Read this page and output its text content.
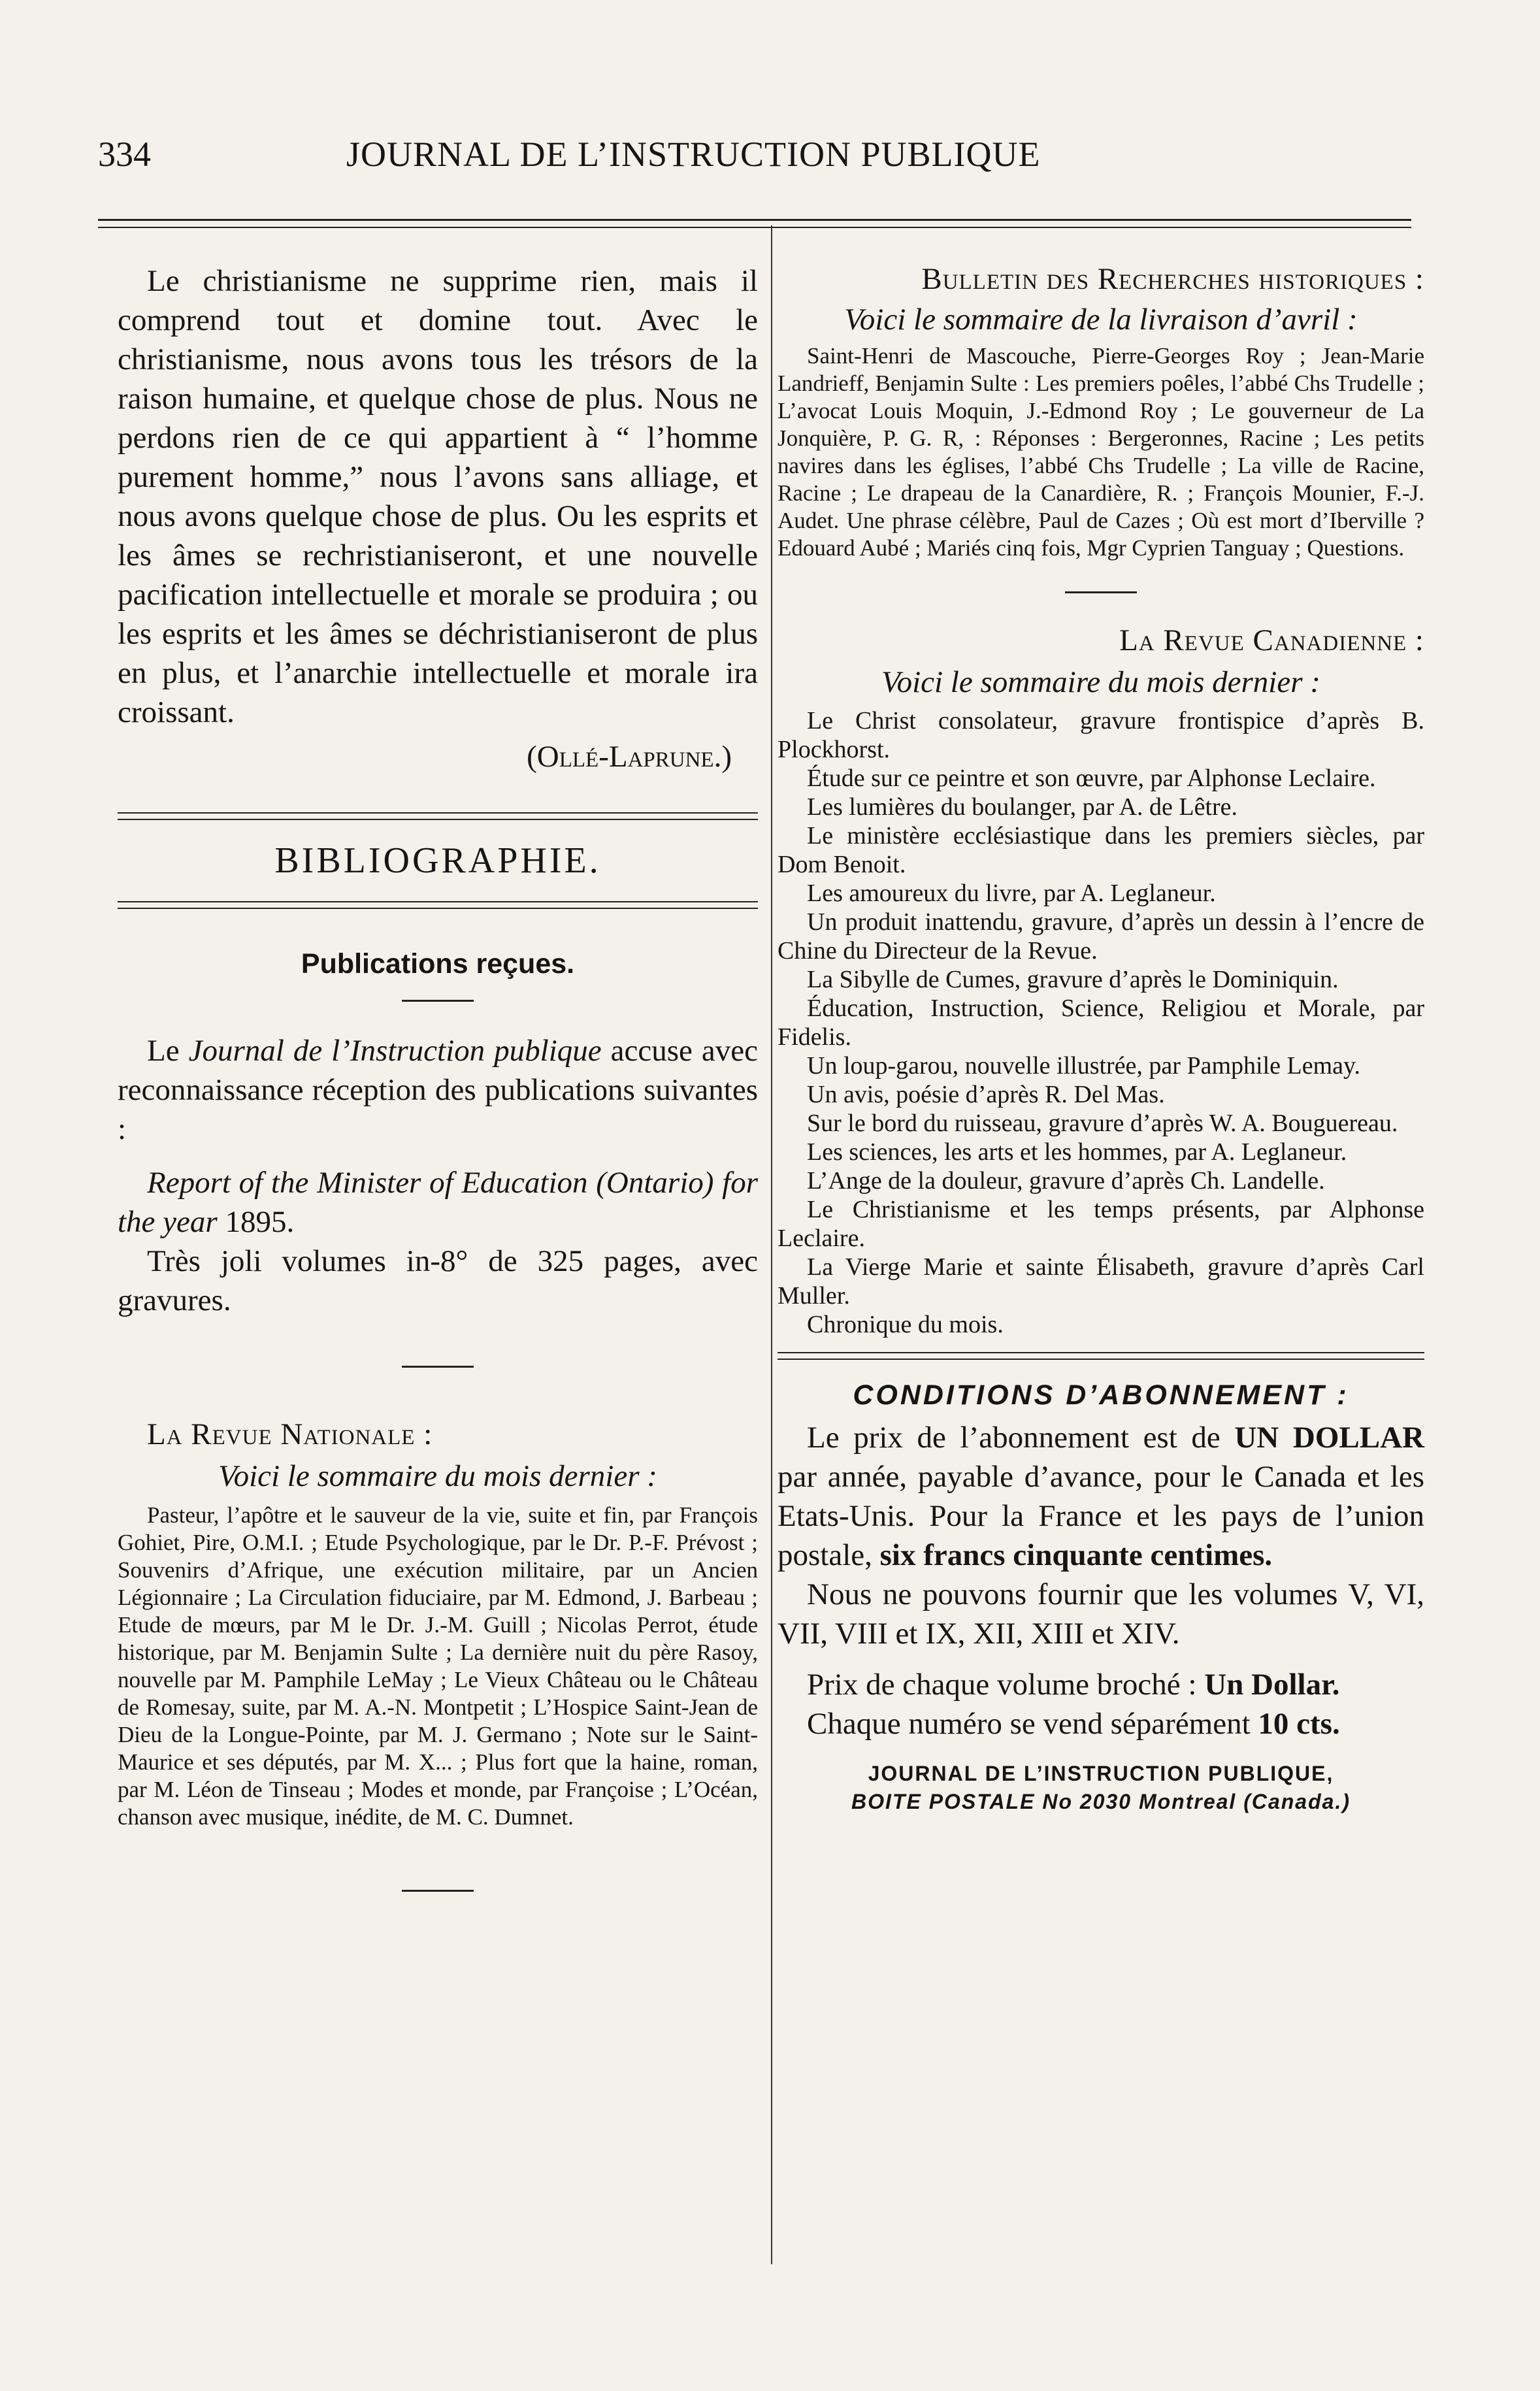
334	JOURNAL DE L’INSTRUCTION PUBLIQUE

Le christianisme ne supprime rien, mais il comprend tout et domine tout. Avec le christianisme, nous avons tous les trésors de la raison humaine, et quelque chose de plus. Nous ne perdons rien de ce qui appartient à “ l’homme purement homme,” nous l’avons sans alliage, et nous avons quelque chose de plus. Ou les esprits et les âmes se rechristianiseront, et une nouvelle pacification intellectuelle et morale se produira ; ou les esprits et les âmes se déchristianiseront de plus en plus, et l’anarchie intellectuelle et morale ira croissant.

(Ollé-Laprune.)

BIBLIOGRAPHIE.
Publications reçues.

Le Journal de l’Instruction publique accuse avec reconnaissance réception des publications suivantes :

Report of the Minister of Education (Ontario) for the year 1895.

Très joli volumes in-8° de 325 pages, avec gravures.

La Revue Nationale :

Voici le sommaire du mois dernier :

Pasteur, l’apôtre et le sauveur de la vie, suite et fin, par François Gohiet, Pire, O.M.I. ; Etude Psychologique, par le Dr. P.-F. Prévost ; Souvenirs d’Afrique, une exécution militaire, par un Ancien Légionnaire ; La Circulation fiduciaire, par M. Edmond, J. Barbeau ; Etude de mœurs, par M le Dr. J.-M. Guill ; Nicolas Perrot, étude historique, par M. Benjamin Sulte ; La dernière nuit du père Rasoy, nouvelle par M. Pamphile LeMay ; Le Vieux Château ou le Château de Romesay, suite, par M. A.-N. Montpetit ; L’Hospice Saint-Jean de Dieu de la Longue-Pointe, par M. J. Germano ; Note sur le Saint-Maurice et ses députés, par M. X... ; Plus fort que la haine, roman, par M. Léon de Tinseau ; Modes et monde, par Françoise ; L’Océan, chanson avec musique, inédite, de M. C. Dumnet.

Bulletin des Recherches historiques :

Voici le sommaire de la livraison d’avril :

Saint-Henri de Mascouche, Pierre-Georges Roy ; Jean-Marie Landrieff, Benjamin Sulte : Les premiers poêles, l’abbé Chs Trudelle ; L’avocat Louis Moquin, J.-Edmond Roy ; Le gouverneur de La Jonquière, P. G. R, : Réponses : Bergeronnes, Racine ; Les petits navires dans les églises, l’abbé Chs Trudelle ; La ville de Racine, Racine ; Le drapeau de la Canardière, R. ; François Mounier, F.-J. Audet. Une phrase célèbre, Paul de Cazes ; Où est mort d’Iberville ? Edouard Aubé ; Mariés cinq fois, Mgr Cyprien Tanguay ; Questions.

La Revue Canadienne :

Voici le sommaire du mois dernier :

Le Christ consolateur, gravure frontispice d’après B. Plockhorst.

Étude sur ce peintre et son œuvre, par Alphonse Leclaire.

Les lumières du boulanger, par A. de Lêtre.

Le ministère ecclésiastique dans les premiers siècles, par Dom Benoit.

Les amoureux du livre, par A. Leglaneur.

Un produit inattendu, gravure, d’après un dessin à l’encre de Chine du Directeur de la Revue.

La Sibylle de Cumes, gravure d’après le Dominiquin.

Éducation, Instruction, Science, Religiou et Morale, par Fidelis.

Un loup-garou, nouvelle illustrée, par Pamphile Lemay.

Un avis, poésie d’après R. Del Mas.

Sur le bord du ruisseau, gravure d’après W. A. Bouguereau.

Les sciences, les arts et les hommes, par A. Leglaneur.

L’Ange de la douleur, gravure d’après Ch. Landelle.

Le Christianisme et les temps présents, par Alphonse Leclaire.

La Vierge Marie et sainte Élisabeth, gravure d’après Carl Muller.

Chronique du mois.

CONDITIONS D’ABONNEMENT :

Le prix de l’abonnement est de UN DOLLAR par année, payable d’avance, pour le Canada et les Etats-Unis. Pour la France et les pays de l’union postale, six francs cinquante centimes.

Nous ne pouvons fournir que les volumes V, VI, VII, VIII et IX, XII, XIII et XIV.

Prix de chaque volume broché : Un Dollar.

Chaque numéro se vend séparément 10 cts.

JOURNAL DE L’INSTRUCTION PUBLIQUE,

BOITE POSTALE No 2030 Montreal (Canada.)
